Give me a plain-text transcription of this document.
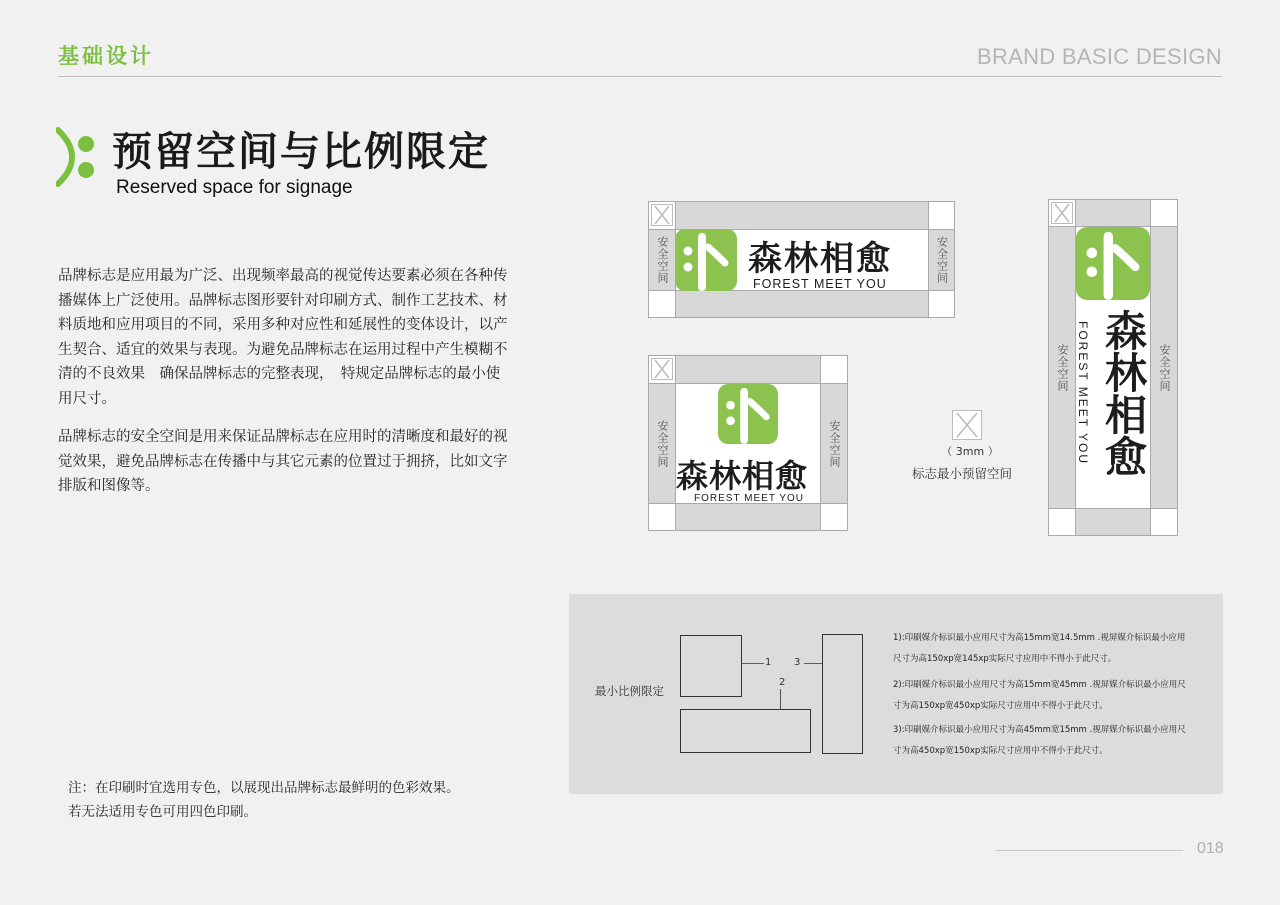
基础设计	BRAND BASIC DESIGN
预留空间与比例限定
Reserved space for signage
品牌标志是应用最为广泛、出现频率最高的视觉传达要素必须在各种传播媒体上广泛使用。品牌标志图形要针对印刷方式、制作工艺技术、材料质地和应用项目的不同，采用多种对应性和延展性的变体设计，以产生契合、适宜的效果与表现。为避免品牌标志在运用过程中产生模糊不清的不良效果　确保品牌标志的完整表现，　特规定品牌标志的最小使用尺寸。
品牌标志的安全空间是用来保证品牌标志在应用时的清晰度和最好的视觉效果，避免品牌标志在传播中与其它元素的位置过于拥挤，比如文字排版和图像等。
注：在印刷时宜选用专色，以展现出品牌标志最鲜明的色彩效果。若无法适用专色可用四色印刷。
安全空间	安全空间
森林相愈
FOREST MEET YOU
安全空间	安全空间
森林相愈
FOREST MEET YOU
安全空间	安全空间
FOREST MEET YOU 森林相愈
（ 3mm ）
标志最小预留空间
最小比例限定
1
2
3
1):印刷媒介标识最小应用尺寸为高15mm宽14.5mm .视屏媒介标识最小应用尺寸为高150xp宽145xp实际尺寸应用中不得小于此尺寸。
2):印刷媒介标识最小应用尺寸为高15mm宽45mm .视屏媒介标识最小应用尺寸为高150xp宽450xp实际尺寸应用中不得小于此尺寸。
3):印刷媒介标识最小应用尺寸为高45mm宽15mm .视屏媒介标识最小应用尺寸为高450xp宽150xp实际尺寸应用中不得小于此尺寸。
018
